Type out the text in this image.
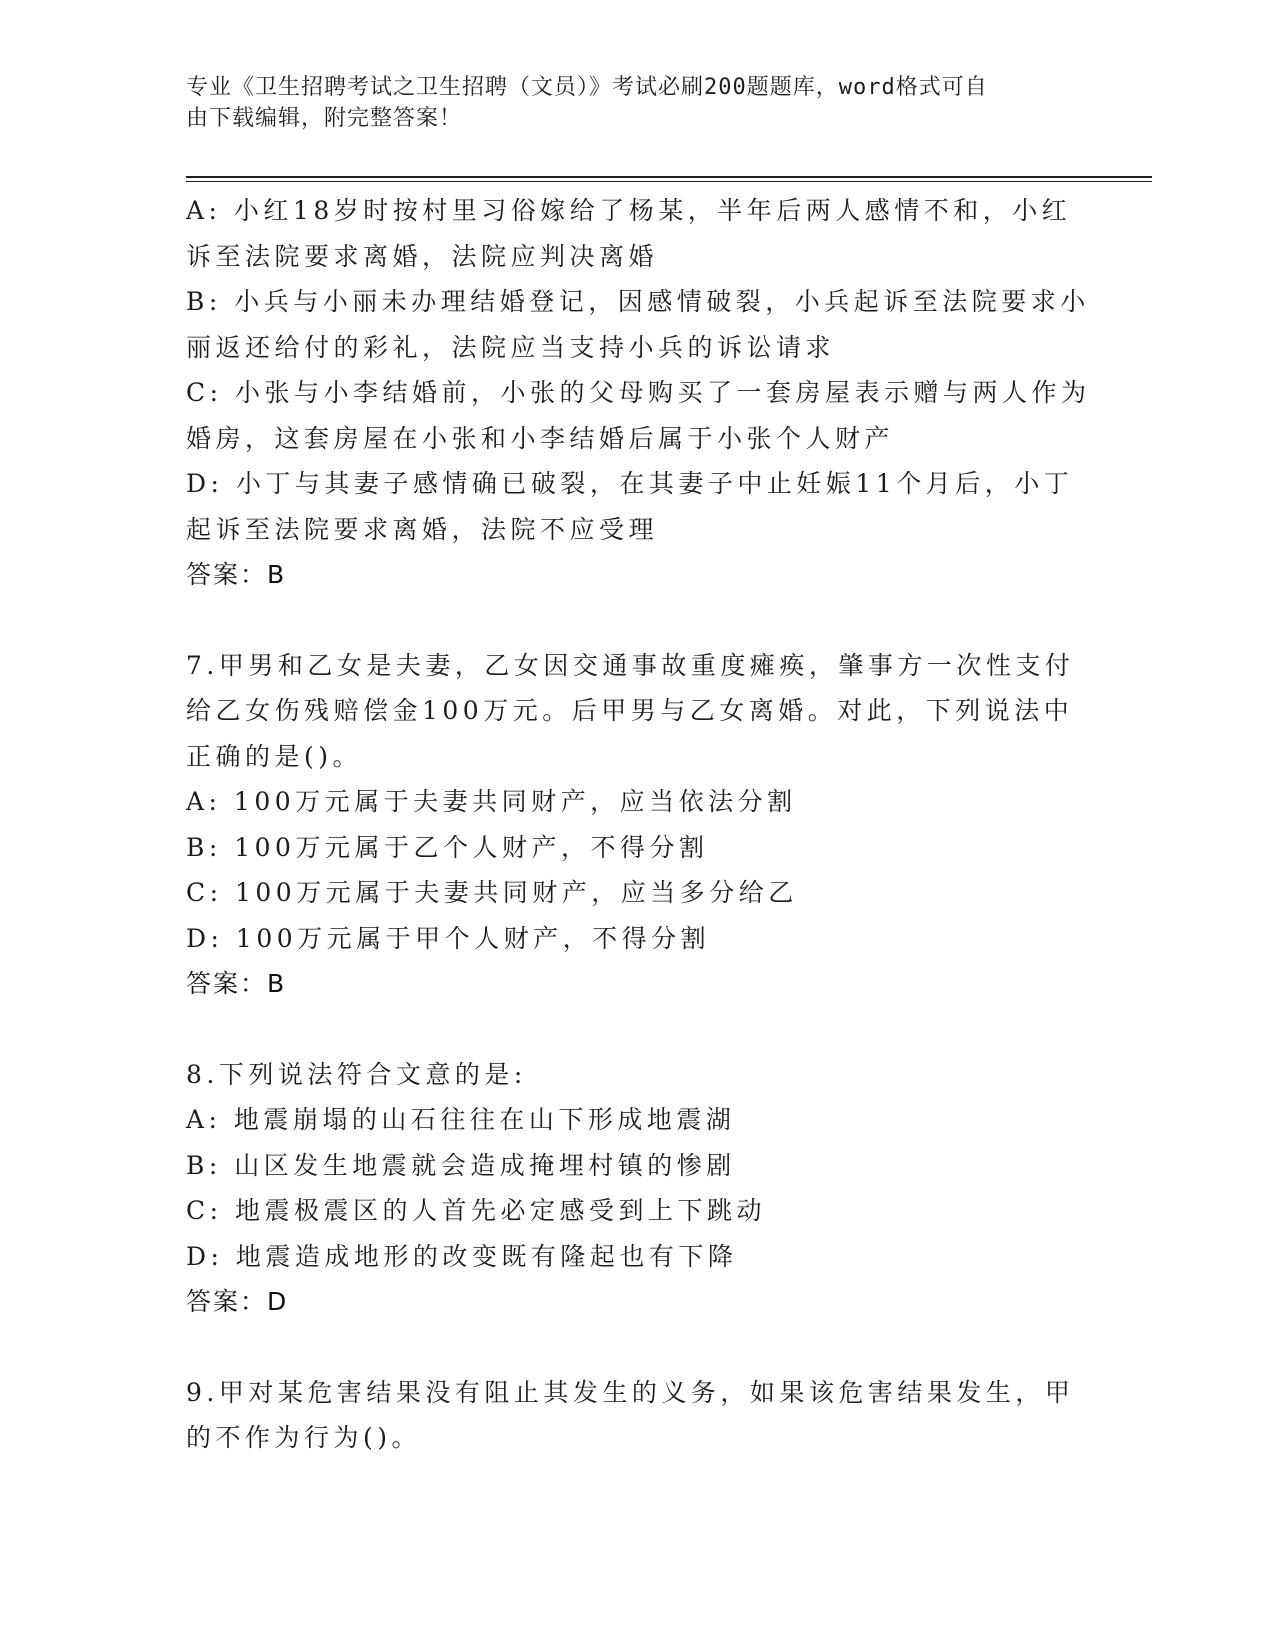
专业《卫生招聘考试之卫生招聘（文员）》考试必刷200题题库，word格式可自
由下载编辑，附完整答案！
A: 小红18岁时按村里习俗嫁给了杨某，半年后两人感情不和，小红
诉至法院要求离婚，法院应判决离婚
B: 小兵与小丽未办理结婚登记，因感情破裂，小兵起诉至法院要求小
丽返还给付的彩礼，法院应当支持小兵的诉讼请求
C: 小张与小李结婚前，小张的父母购买了一套房屋表示赠与两人作为
婚房，这套房屋在小张和小李结婚后属于小张个人财产
D: 小丁与其妻子感情确已破裂，在其妻子中止妊娠11个月后，小丁
起诉至法院要求离婚，法院不应受理
答案：B
7.甲男和乙女是夫妻，乙女因交通事故重度瘫痪，肇事方一次性支付
给乙女伤残赔偿金100万元。后甲男与乙女离婚。对此，下列说法中
正确的是()。
A: 100万元属于夫妻共同财产，应当依法分割
B: 100万元属于乙个人财产，不得分割
C: 100万元属于夫妻共同财产，应当多分给乙
D: 100万元属于甲个人财产，不得分割
答案：B
8.下列说法符合文意的是:
A: 地震崩塌的山石往往在山下形成地震湖
B: 山区发生地震就会造成掩埋村镇的惨剧
C: 地震极震区的人首先必定感受到上下跳动
D: 地震造成地形的改变既有隆起也有下降
答案：D
9.甲对某危害结果没有阻止其发生的义务，如果该危害结果发生，甲
的不作为行为()。
